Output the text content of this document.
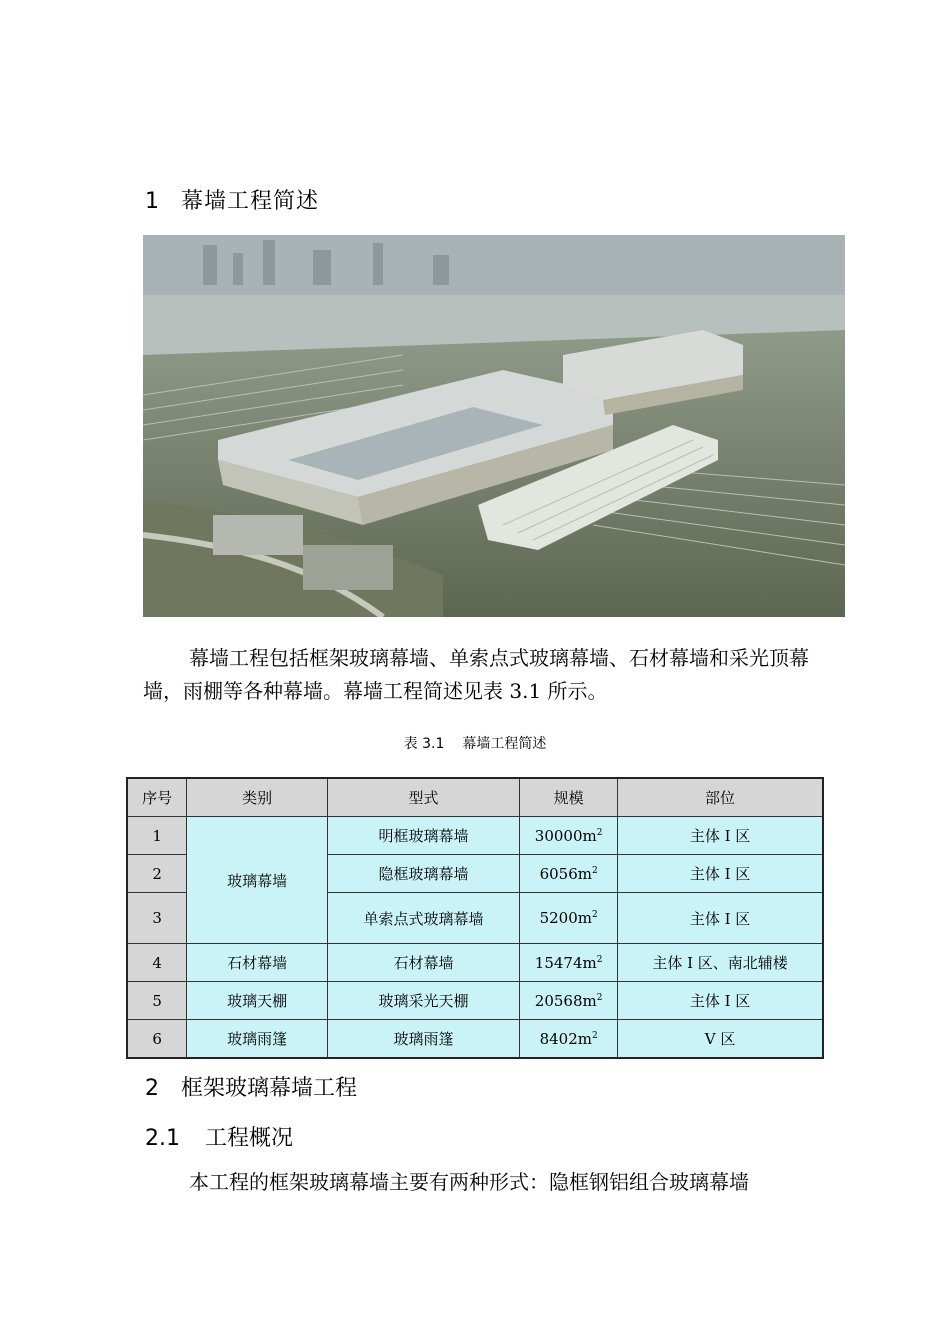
1 幕墙工程简述
幕墙工程包括框架玻璃幕墙、单索点式玻璃幕墙、石材幕墙和采光顶幕墙，雨棚等各种幕墙。幕墙工程简述见表 3.1 所示。
表 3.1 幕墙工程简述
序号	类别	型式	规模	部位
1	玻璃幕墙	明框玻璃幕墙	$30000m^2$	主体 I 区
2		隐框玻璃幕墙	$6056m^2$	主体 I 区
3		单索点式玻璃幕墙	$5200m^2$	主体 I 区
4	石材幕墙	石材幕墙	$15474m^2$	主体 I 区、南北辅楼
5	玻璃天棚	玻璃采光天棚	$20568m^2$	主体 I 区
6	玻璃雨篷	玻璃雨篷	$8402m^2$	V 区
2 框架玻璃幕墙工程
2.1 工程概况
本工程的框架玻璃幕墙主要有两种形式：隐框钢铝组合玻璃幕墙
